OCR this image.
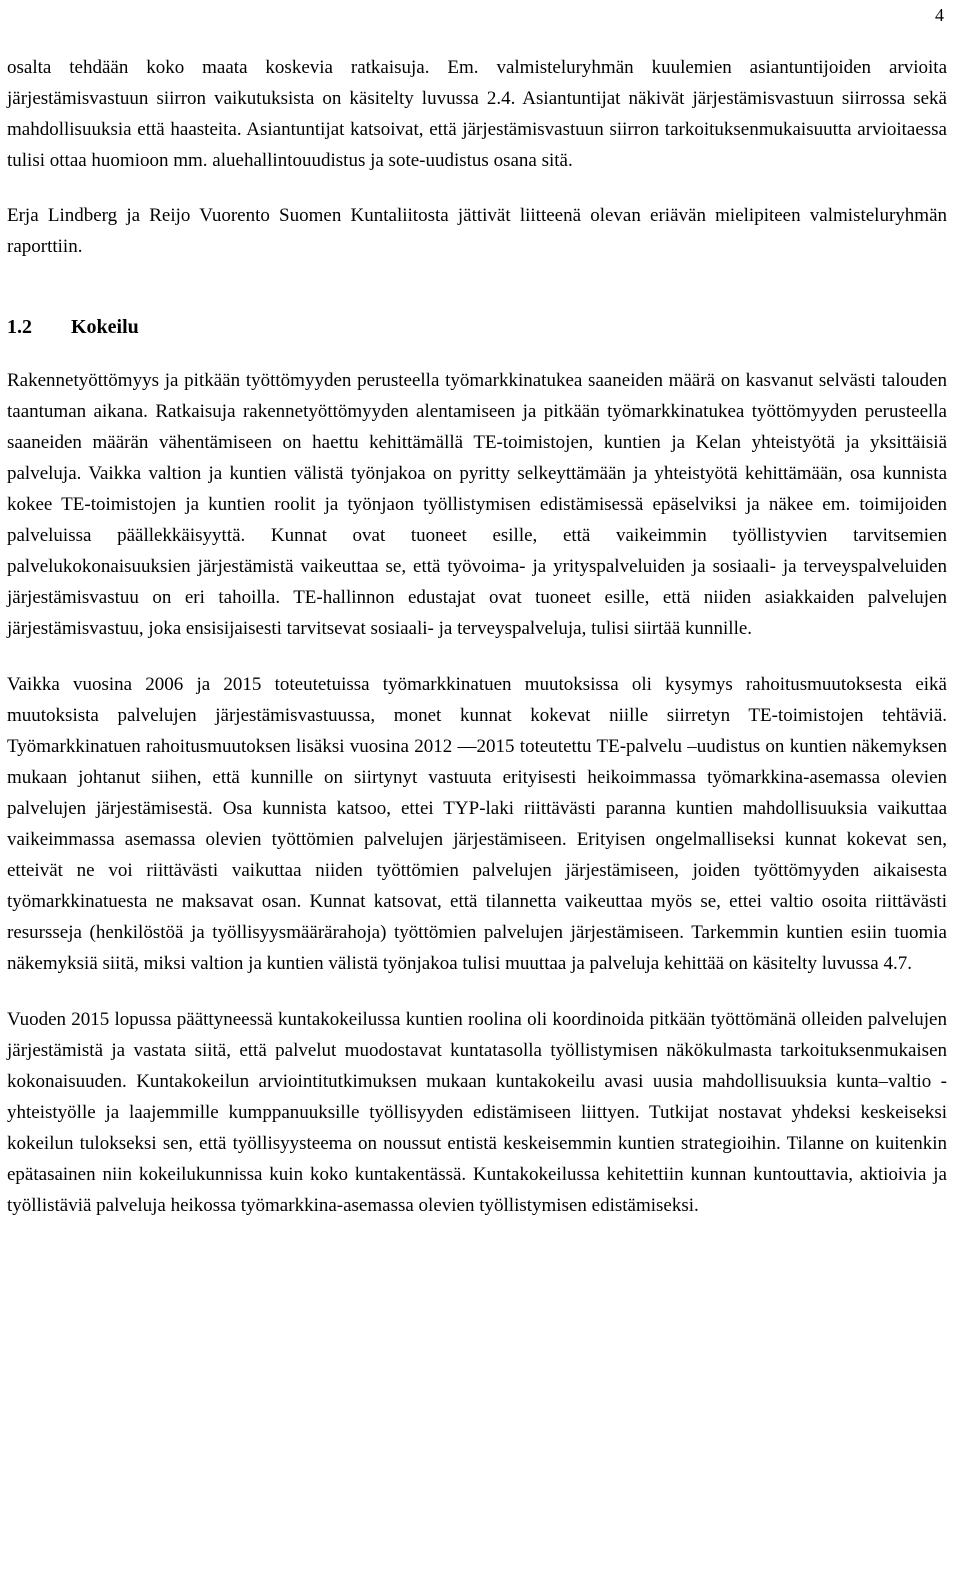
4

osalta tehdään koko maata koskevia ratkaisuja. Em. valmisteluryhmän kuulemien asiantuntijoiden arvioita järjestämisvastuun siirron vaikutuksista on käsitelty luvussa 2.4. Asiantuntijat näkivät järjestämisvastuun siirrossa sekä mahdollisuuksia että haasteita. Asiantuntijat katsoivat, että järjestämisvastuun siirron tarkoituksenmukaisuutta arvioitaessa tulisi ottaa huomioon mm. aluehallintouudistus ja sote-uudistus osana sitä.

Erja Lindberg ja Reijo Vuorento Suomen Kuntaliitosta jättivät liitteenä olevan eriävän mielipiteen valmisteluryhmän raporttiin.

1.2 Kokeilu

Rakennetyöttömyys ja pitkään työttömyyden perusteella työmarkkinatukea saaneiden määrä on kasvanut selvästi talouden taantuman aikana. Ratkaisuja rakennetyöttömyyden alentamiseen ja pitkään työmarkkinatukea työttömyyden perusteella saaneiden määrän vähentämiseen on haettu kehittämällä TE-toimistojen, kuntien ja Kelan yhteistyötä ja yksittäisiä palveluja. Vaikka valtion ja kuntien välistä työnjakoa on pyritty selkeyttämään ja yhteistyötä kehittämään, osa kunnista kokee TE-toimistojen ja kuntien roolit ja työnjaon työllistymisen edistämisessä epäselviksi ja näkee em. toimijoiden palveluissa päällekkäisyyttä. Kunnat ovat tuoneet esille, että vaikeimmin työllistyvien tarvitsemien palvelukokonaisuuksien järjestämistä vaikeuttaa se, että työvoima- ja yrityspalveluiden ja sosiaali- ja terveyspalveluiden järjestämisvastuu on eri tahoilla. TE-hallinnon edustajat ovat tuoneet esille, että niiden asiakkaiden palvelujen järjestämisvastuu, joka ensisijaisesti tarvitsevat sosiaali- ja terveyspalveluja, tulisi siirtää kunnille.

Vaikka vuosina 2006 ja 2015 toteutetuissa työmarkkinatuen muutoksissa oli kysymys rahoitusmuutoksesta eikä muutoksista palvelujen järjestämisvastuussa, monet kunnat kokevat niille siirretyn TE-toimistojen tehtäviä. Työmarkkinatuen rahoitusmuutoksen lisäksi vuosina 2012 —2015 toteutettu TE-palvelu –uudistus on kuntien näkemyksen mukaan johtanut siihen, että kunnille on siirtynyt vastuuta erityisesti heikoimmassa työmarkkina-asemassa olevien palvelujen järjestämisestä. Osa kunnista katsoo, ettei TYP-laki riittävästi paranna kuntien mahdollisuuksia vaikuttaa vaikeimmassa asemassa olevien työttömien palvelujen järjestämiseen. Erityisen ongelmalliseksi kunnat kokevat sen, etteivät ne voi riittävästi vaikuttaa niiden työttömien palvelujen järjestämiseen, joiden työttömyyden aikaisesta työmarkkinatuesta ne maksavat osan. Kunnat katsovat, että tilannetta vaikeuttaa myös se, ettei valtio osoita riittävästi resursseja (henkilöstöä ja työllisyysmäärärahoja) työttömien palvelujen järjestämiseen. Tarkemmin kuntien esiin tuomia näkemyksiä siitä, miksi valtion ja kuntien välistä työnjakoa tulisi muuttaa ja palveluja kehittää on käsitelty luvussa 4.7.

Vuoden 2015 lopussa päättyneessä kuntakokeilussa kuntien roolina oli koordinoida pitkään työttömänä olleiden palvelujen järjestämistä ja vastata siitä, että palvelut muodostavat kuntatasolla työllistymisen näkökulmasta tarkoituksenmukaisen kokonaisuuden. Kuntakokeilun arviointitutkimuksen mukaan kuntakokeilu avasi uusia mahdollisuuksia kunta–valtio -yhteistyölle ja laajemmille kumppanuuksille työllisyyden edistämiseen liittyen. Tutkijat nostavat yhdeksi keskeiseksi kokeilun tulokseksi sen, että työllisyysteema on noussut entistä keskeisemmin kuntien strategioihin. Tilanne on kuitenkin epätasainen niin kokeilukunnissa kuin koko kuntakentässä. Kuntakokeilussa kehitettiin kunnan kuntouttavia, aktioivia ja työllistäviä palveluja heikossa työmarkkina-asemassa olevien työllistymisen edistämiseksi.
